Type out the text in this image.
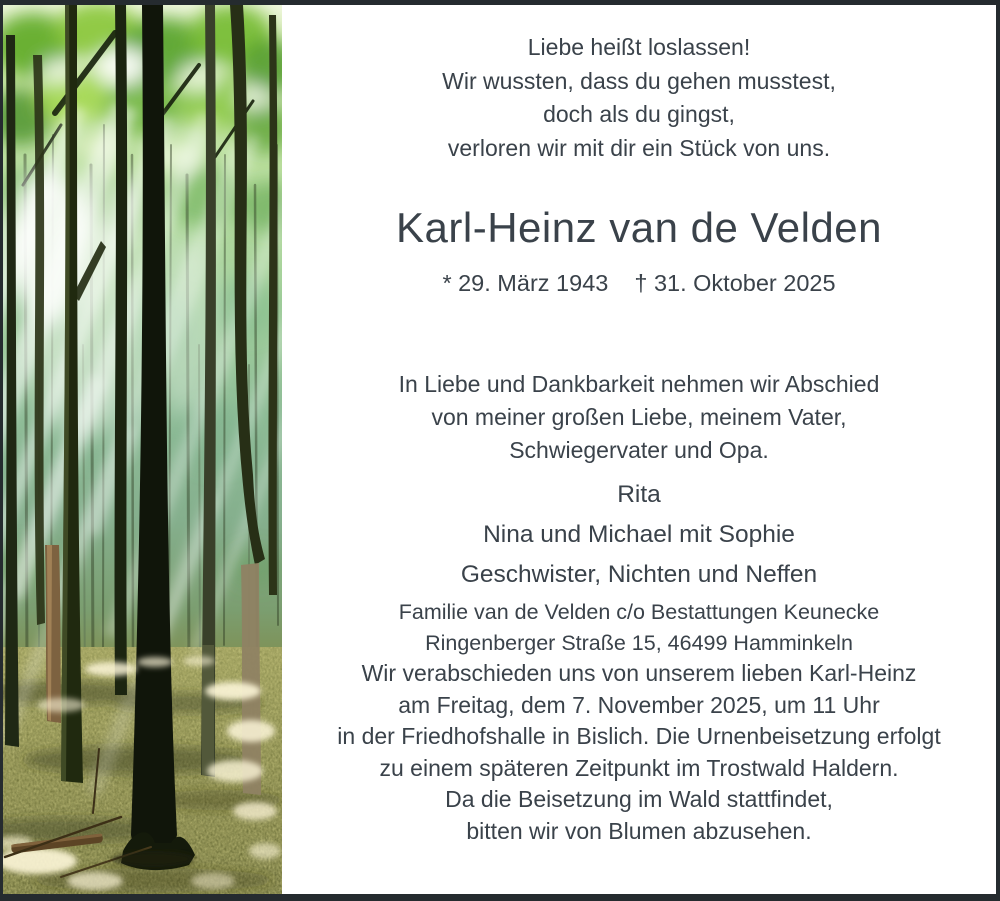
Liebe heißt loslassen!
Wir wussten, dass du gehen musstest,
doch als du gingst,
verloren wir mit dir ein Stück von uns.
Karl-Heinz van de Velden
* 29. März 1943 † 31. Oktober 2025
In Liebe und Dankbarkeit nehmen wir Abschied
von meiner großen Liebe, meinem Vater,
Schwiegervater und Opa.
Rita
Nina und Michael mit Sophie
Geschwister, Nichten und Neffen
Familie van de Velden c/o Bestattungen Keunecke
Ringenberger Straße 15, 46499 Hamminkeln
Wir verabschieden uns von unserem lieben Karl-Heinz
am Freitag, dem 7. November 2025, um 11 Uhr
in der Friedhofshalle in Bislich. Die Urnenbeisetzung erfolgt
zu einem späteren Zeitpunkt im Trostwald Haldern.
Da die Beisetzung im Wald stattfindet,
bitten wir von Blumen abzusehen.
